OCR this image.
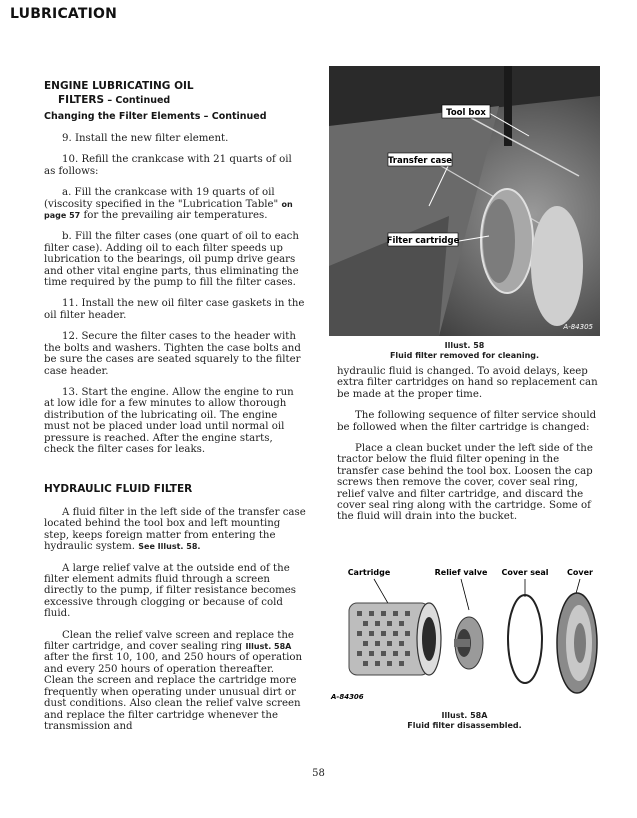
LUBRICATION
ENGINE LUBRICATING OIL
FILTERS – Continued
Changing the Filter Elements – Continued

9. Install the new filter element.

10. Refill the crankcase with 21 quarts of oil as follows:

a. Fill the crankcase with 19 quarts of oil (viscosity specified in the "Lubrication Table" on page 57 for the prevailing air temperatures.

b. Fill the filter cases (one quart of oil to each filter case). Adding oil to each filter speeds up lubrication to the bearings, oil pump drive gears and other vital engine parts, thus eliminating the time required by the pump to fill the filter cases.

11. Install the new oil filter case gaskets in the oil filter header.

12. Secure the filter cases to the header with the bolts and washers. Tighten the case bolts and be sure the cases are seated squarely to the filter case header.

13. Start the engine. Allow the engine to run at low idle for a few minutes to allow thorough distribution of the lubricating oil. The engine must not be placed under load until normal oil pressure is reached. After the engine starts, check the filter cases for leaks.

HYDRAULIC FLUID FILTER

A fluid filter in the left side of the transfer case located behind the tool box and left mounting step, keeps foreign matter from entering the hydraulic system. See Illust. 58.

A large relief valve at the outside end of the filter element admits fluid through a screen directly to the pump, if filter resistance becomes excessive through clogging or because of cold fluid.

Clean the relief valve screen and replace the filter cartridge, and cover sealing ring Illust. 58A after the first 10, 100, and 250 hours of operation and every 250 hours of operation thereafter. Clean the screen and replace the cartridge more frequently when operating under unusual dirt or dust conditions. Also clean the relief valve screen and replace the filter cartridge whenever the transmission and

Tool box
Transfer case
Filter cartridge
A-84305
Illust. 58
Fluid filter removed for cleaning.

hydraulic fluid is changed. To avoid delays, keep extra filter cartridges on hand so replacement can be made at the proper time.

The following sequence of filter service should be followed when the filter cartridge is changed:

Place a clean bucket under the left side of the tractor below the fluid filter opening in the transfer case behind the tool box. Loosen the cap screws then remove the cover, cover seal ring, relief valve and filter cartridge, and discard the cover seal ring along with the cartridge. Some of the fluid will drain into the bucket.

Cartridge	Relief valve Cover seal Cover
A-84306
Illust. 58A
Fluid filter disassembled.
58
